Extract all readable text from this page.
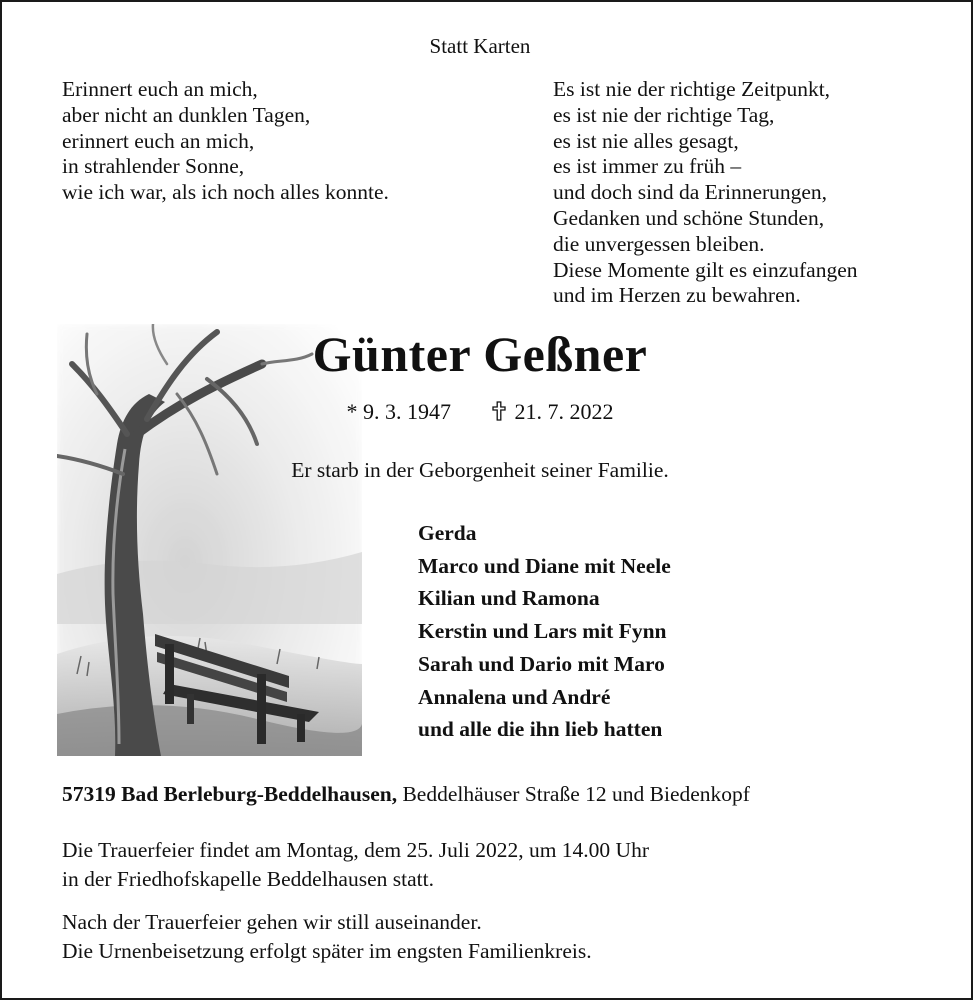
Statt Karten
Erinnert euch an mich,
aber nicht an dunklen Tagen,
erinnert euch an mich,
in strahlender Sonne,
wie ich war, als ich noch alles konnte.
Es ist nie der richtige Zeitpunkt,
es ist nie der richtige Tag,
es ist nie alles gesagt,
es ist immer zu früh –
und doch sind da Erinnerungen,
Gedanken und schöne Stunden,
die unvergessen bleiben.
Diese Momente gilt es einzufangen
und im Herzen zu bewahren.
Günter Geßner
* 9. 3. 1947	21. 7. 2022
Er starb in der Geborgenheit seiner Familie.
Gerda
Marco und Diane mit Neele
Kilian und Ramona
Kerstin und Lars mit Fynn
Sarah und Dario mit Maro
Annalena und André
und alle die ihn lieb hatten
57319 Bad Berleburg-Beddelhausen, Beddelhäuser Straße 12 und Biedenkopf
Die Trauerfeier findet am Montag, dem 25. Juli 2022, um 14.00 Uhr
in der Friedhofskapelle Beddelhausen statt.
Nach der Trauerfeier gehen wir still auseinander.
Die Urnenbeisetzung erfolgt später im engsten Familienkreis.
